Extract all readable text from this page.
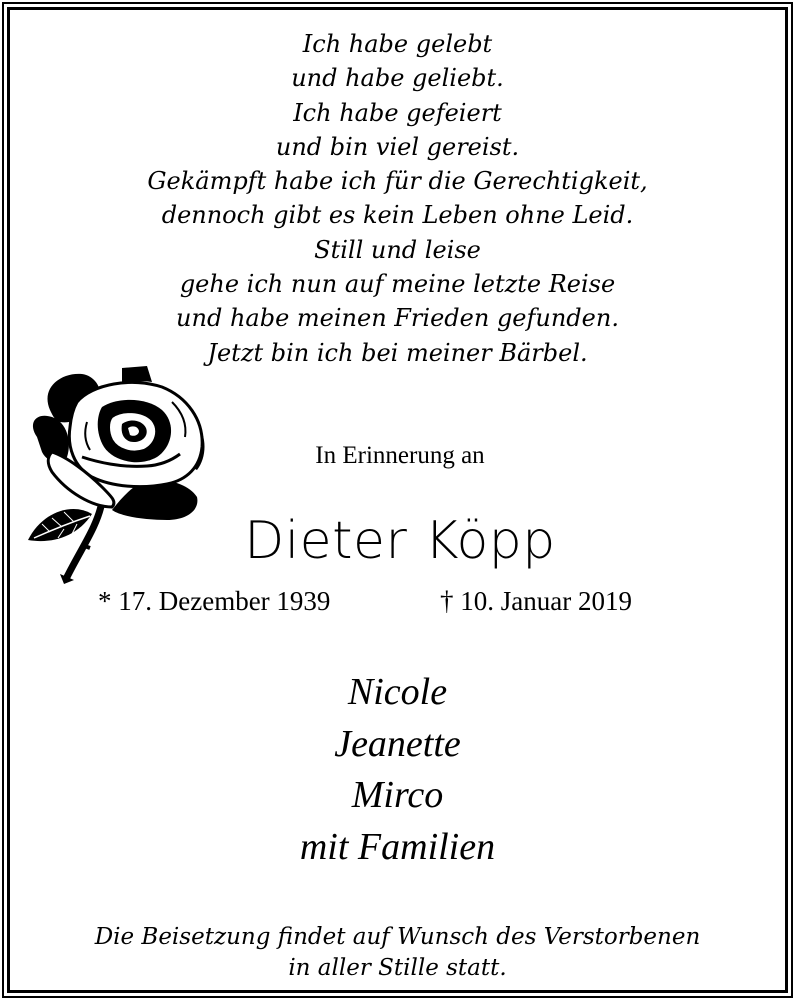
Ich habe gelebt
und habe geliebt.
Ich habe gefeiert
und bin viel gereist.
Gekämpft habe ich für die Gerechtigkeit,
dennoch gibt es kein Leben ohne Leid.
Still und leise
gehe ich nun auf meine letzte Reise
und habe meinen Frieden gefunden.
Jetzt bin ich bei meiner Bärbel.
In Erinnerung an
Dieter Köpp
* 17. Dezember 1939	† 10. Januar 2019
Nicole
Jeanette
Mirco
mit Familien
Die Beisetzung findet auf Wunsch des Verstorbenen
in aller Stille statt.
